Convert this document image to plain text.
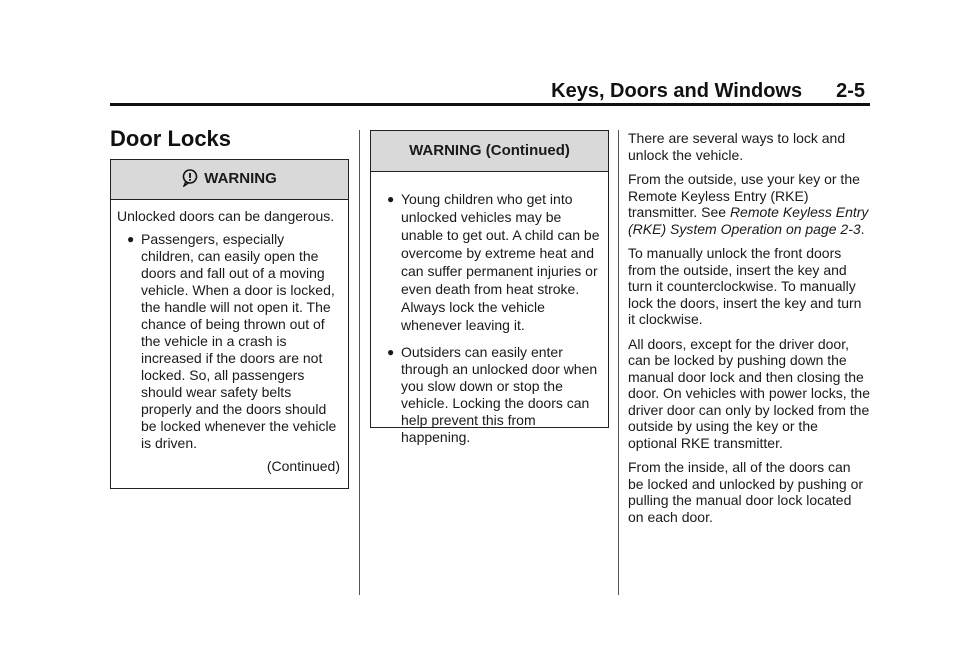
Keys, Doors and Windows 2-5
Door Locks
WARNING

Unlocked doors can be dangerous.

● Passengers, especially children, can easily open the doors and fall out of a moving vehicle. When a door is locked, the handle will not open it. The chance of being thrown out of the vehicle in a crash is increased if the doors are not locked. So, all passengers should wear safety belts properly and the doors should be locked whenever the vehicle is driven.
(Continued)
WARNING (Continued)
● Young children who get into unlocked vehicles may be unable to get out. A child can be overcome by extreme heat and can suffer permanent injuries or even death from heat stroke. Always lock the vehicle whenever leaving it.
● Outsiders can easily enter through an unlocked door when you slow down or stop the vehicle. Locking the doors can help prevent this from happening.

There are several ways to lock and unlock the vehicle.

From the outside, use your key or the Remote Keyless Entry (RKE) transmitter. See Remote Keyless Entry (RKE) System Operation on page 2-3.

To manually unlock the front doors from the outside, insert the key and turn it counterclockwise. To manually lock the doors, insert the key and turn it clockwise.

All doors, except for the driver door, can be locked by pushing down the manual door lock and then closing the door. On vehicles with power locks, the driver door can only by locked from the outside by using the key or the optional RKE transmitter.

From the inside, all of the doors can be locked and unlocked by pushing or pulling the manual door lock located on each door.
